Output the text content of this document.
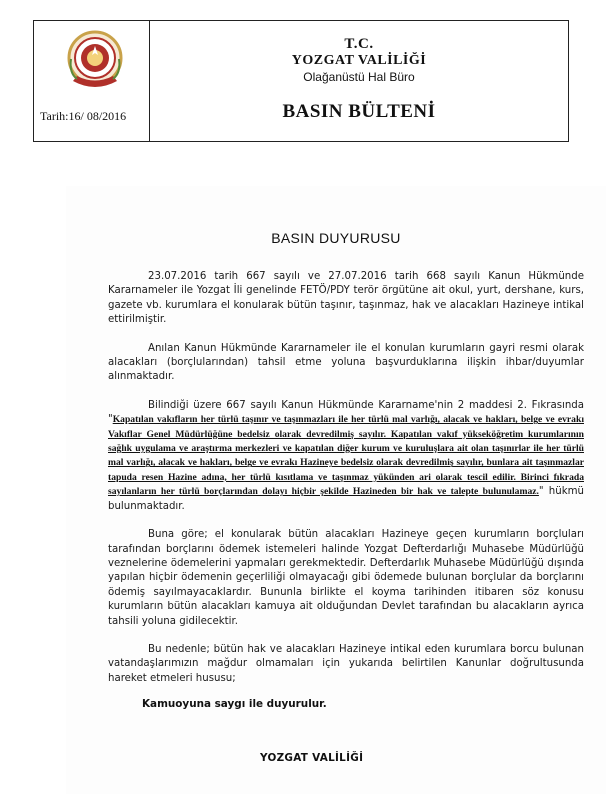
Tarih:16/ 08/2016
T.C.
YOZGAT VALİLİĞİ
Olağanüstü Hal Büro
BASIN BÜLTENİ
BASIN DUYURUSU

23.07.2016 tarih 667 sayılı ve 27.07.2016 tarih 668 sayılı Kanun Hükmünde Kararnameler ile Yozgat İli genelinde FETÖ/PDY terör örgütüne ait okul, yurt, dershane, kurs, gazete vb. kurumlara el konularak bütün taşınır, taşınmaz, hak ve alacakları Hazineye intikal ettirilmiştir.

Anılan Kanun Hükmünde Kararnameler ile el konulan kurumların gayri resmi olarak alacakları (borçlularından) tahsil etme yoluna başvurduklarına ilişkin ihbar/duyumlar alınmaktadır.

Bilindiği üzere 667 sayılı Kanun Hükmünde Kararname'nin 2 maddesi 2. Fıkrasında "Kapatılan vakıfların her türlü taşınır ve taşınmazları ile her türlü mal varlığı, alacak ve hakları, belge ve evrakı Vakıflar Genel Müdürlüğüne bedelsiz olarak devredilmiş sayılır. Kapatılan vakıf yükseköğretim kurumlarının sağlık uygulama ve araştırma merkezleri ve kapatılan diğer kurum ve kuruluşlara ait olan taşınırlar ile her türlü mal varlığı, alacak ve hakları, belge ve evrakı Hazineye bedelsiz olarak devredilmiş sayılır, bunlara ait taşınmazlar tapuda resen Hazine adına, her türlü kısıtlama ve taşınmaz yükünden ari olarak tescil edilir. Birinci fıkrada sayılanların her türlü borçlarından dolayı hiçbir şekilde Hazineden bir hak ve talepte bulunulamaz." hükmü bulunmaktadır.

Buna göre; el konularak bütün alacakları Hazineye geçen kurumların borçluları tarafından borçlarını ödemek istemeleri halinde Yozgat Defterdarlığı Muhasebe Müdürlüğü veznelerine ödemelerini yapmaları gerekmektedir. Defterdarlık Muhasebe Müdürlüğü dışında yapılan hiçbir ödemenin geçerliliği olmayacağı gibi ödemede bulunan borçlular da borçlarını ödemiş sayılmayacaklardır. Bununla birlikte el koyma tarihinden itibaren söz konusu kurumların bütün alacakları kamuya ait olduğundan Devlet tarafından bu alacakların ayrıca tahsili yoluna gidilecektir.

Bu nedenle; bütün hak ve alacakları Hazineye intikal eden kurumlara borcu bulunan vatandaşlarımızın mağdur olmamaları için yukarıda belirtilen Kanunlar doğrultusunda hareket etmeleri hususu;

Kamuoyuna saygı ile duyurulur.
YOZGAT VALİLİĞİ
